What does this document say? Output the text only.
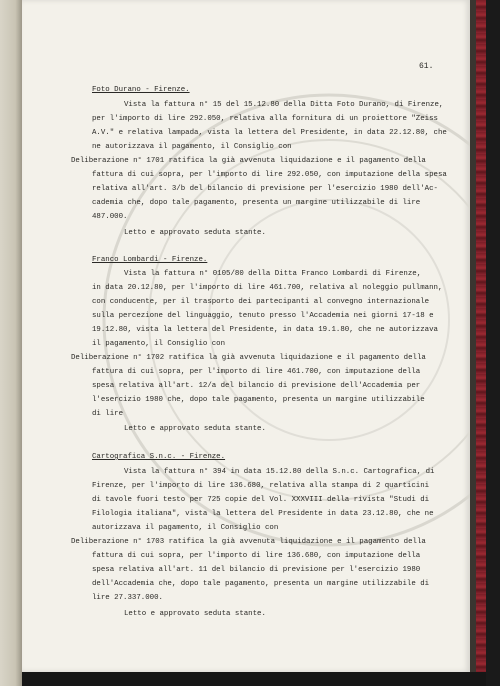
61.
Foto Durano - Firenze.
Vista la fattura n° 15 del 15.12.80 della Ditta Foto Durano, di Firenze,
per l'importo di lire 292.050, relativa alla fornitura di un proiettore "Zeiss
A.V." e relativa lampada, vista la lettera del Presidente, in data 22.12.80, che
ne autorizzava il pagamento, il Consiglio con
Deliberazione n° 1701 ratifica la già avvenuta liquidazione e il pagamento della
fattura di cui sopra, per l'importo di lire 292.050, con imputazione della spesa
relativa all'art. 3/b del bilancio di previsione per l'esercizio 1980 dell'Ac-
cademia che, dopo tale pagamento, presenta un margine utilizzabile di lire
487.000.
Letto e approvato seduta stante.
Franco Lombardi - Firenze.
Vista la fattura n° 0105/80 della Ditta Franco Lombardi di Firenze,
in data 20.12.80, per l'importo di lire 461.700, relativa al noleggio pullmann,
con conducente, per il trasporto dei partecipanti al convegno internazionale
sulla percezione del linguaggio, tenuto presso l'Accademia nei giorni 17-18 e
19.12.80, vista la lettera del Presidente, in data 19.1.80, che ne autorizzava
il pagamento, il Consiglio con
Deliberazione n° 1702 ratifica la già avvenuta liquidazione e il pagamento della
fattura di cui sopra, per l'importo di lire 461.700, con imputazione della
spesa relativa all'art. 12/a del bilancio di previsione dell'Accademia per
l'esercizio 1980 che, dopo tale pagamento, presenta un margine utilizzabile
di lire
Letto e approvato seduta stante.
Cartografica S.n.c. - Firenze.
Vista la fattura n° 394 in data 15.12.80 della S.n.c. Cartografica, di
Firenze, per l'importo di lire 136.680, relativa alla stampa di 2 quarticini
di tavole fuori testo per 725 copie del Vol. XXXVIII della rivista "Studi di
Filologia italiana", vista la lettera del Presidente in data 23.12.80, che ne
autorizzava il pagamento, il Consiglio con
Deliberazione n° 1703 ratifica la già avvenuta liquidazione e il pagamento della
fattura di cui sopra, per l'importo di lire 136.680, con imputazione della
spesa relativa all'art. 11 del bilancio di previsione per l'esercizio 1980
dell'Accademia che, dopo tale pagamento, presenta un margine utilizzabile di
lire 27.337.000.
Letto e approvato seduta stante.
